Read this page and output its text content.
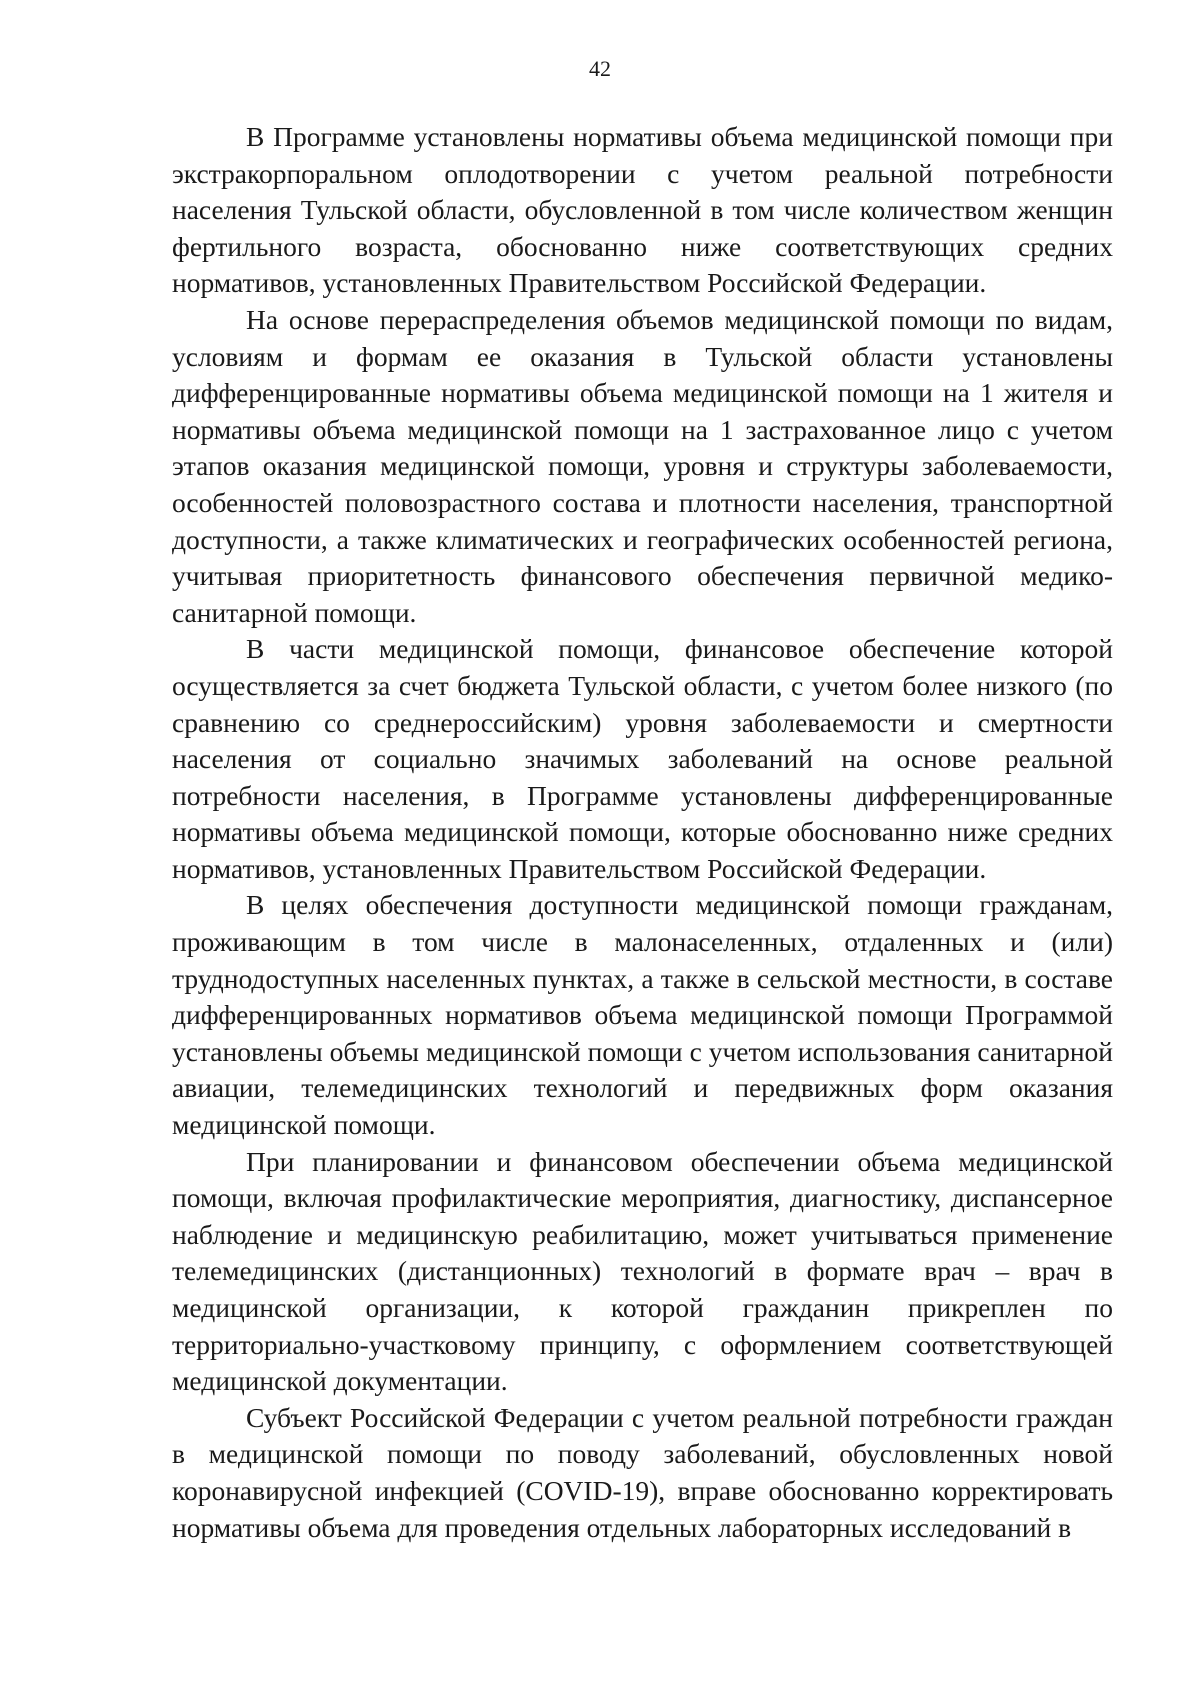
42

В Программе установлены нормативы объема медицинской помощи при экстракорпоральном оплодотворении с учетом реальной потребности населения Тульской области, обусловленной в том числе количеством женщин фертильного возраста, обоснованно ниже соответствующих средних нормативов, установленных Правительством Российской Федерации.

На основе перераспределения объемов медицинской помощи по видам, условиям и формам ее оказания в Тульской области установлены дифференцированные нормативы объема медицинской помощи на 1 жителя и нормативы объема медицинской помощи на 1 застрахованное лицо с учетом этапов оказания медицинской помощи, уровня и структуры заболеваемости, особенностей половозрастного состава и плотности населения, транспортной доступности, а также климатических и географических особенностей региона, учитывая приоритетность финансового обеспечения первичной медико-санитарной помощи.

В части медицинской помощи, финансовое обеспечение которой осуществляется за счет бюджета Тульской области, с учетом более низкого (по сравнению со среднероссийским) уровня заболеваемости и смертности населения от социально значимых заболеваний на основе реальной потребности населения, в Программе установлены дифференцированные нормативы объема медицинской помощи, которые обоснованно ниже средних нормативов, установленных Правительством Российской Федерации.

В целях обеспечения доступности медицинской помощи гражданам, проживающим в том числе в малонаселенных, отдаленных и (или) труднодоступных населенных пунктах, а также в сельской местности, в составе дифференцированных нормативов объема медицинской помощи Программой установлены объемы медицинской помощи с учетом использования санитарной авиации, телемедицинских технологий и передвижных форм оказания медицинской помощи.

При планировании и финансовом обеспечении объема медицинской помощи, включая профилактические мероприятия, диагностику, диспансерное наблюдение и медицинскую реабилитацию, может учитываться применение телемедицинских (дистанционных) технологий в формате врач – врач в медицинской организации, к которой гражданин прикреплен по территориально-участковому принципу, с оформлением соответствующей медицинской документации.

Субъект Российской Федерации с учетом реальной потребности граждан в медицинской помощи по поводу заболеваний, обусловленных новой коронавирусной инфекцией (COVID-19), вправе обоснованно корректировать нормативы объема для проведения отдельных лабораторных исследований в
